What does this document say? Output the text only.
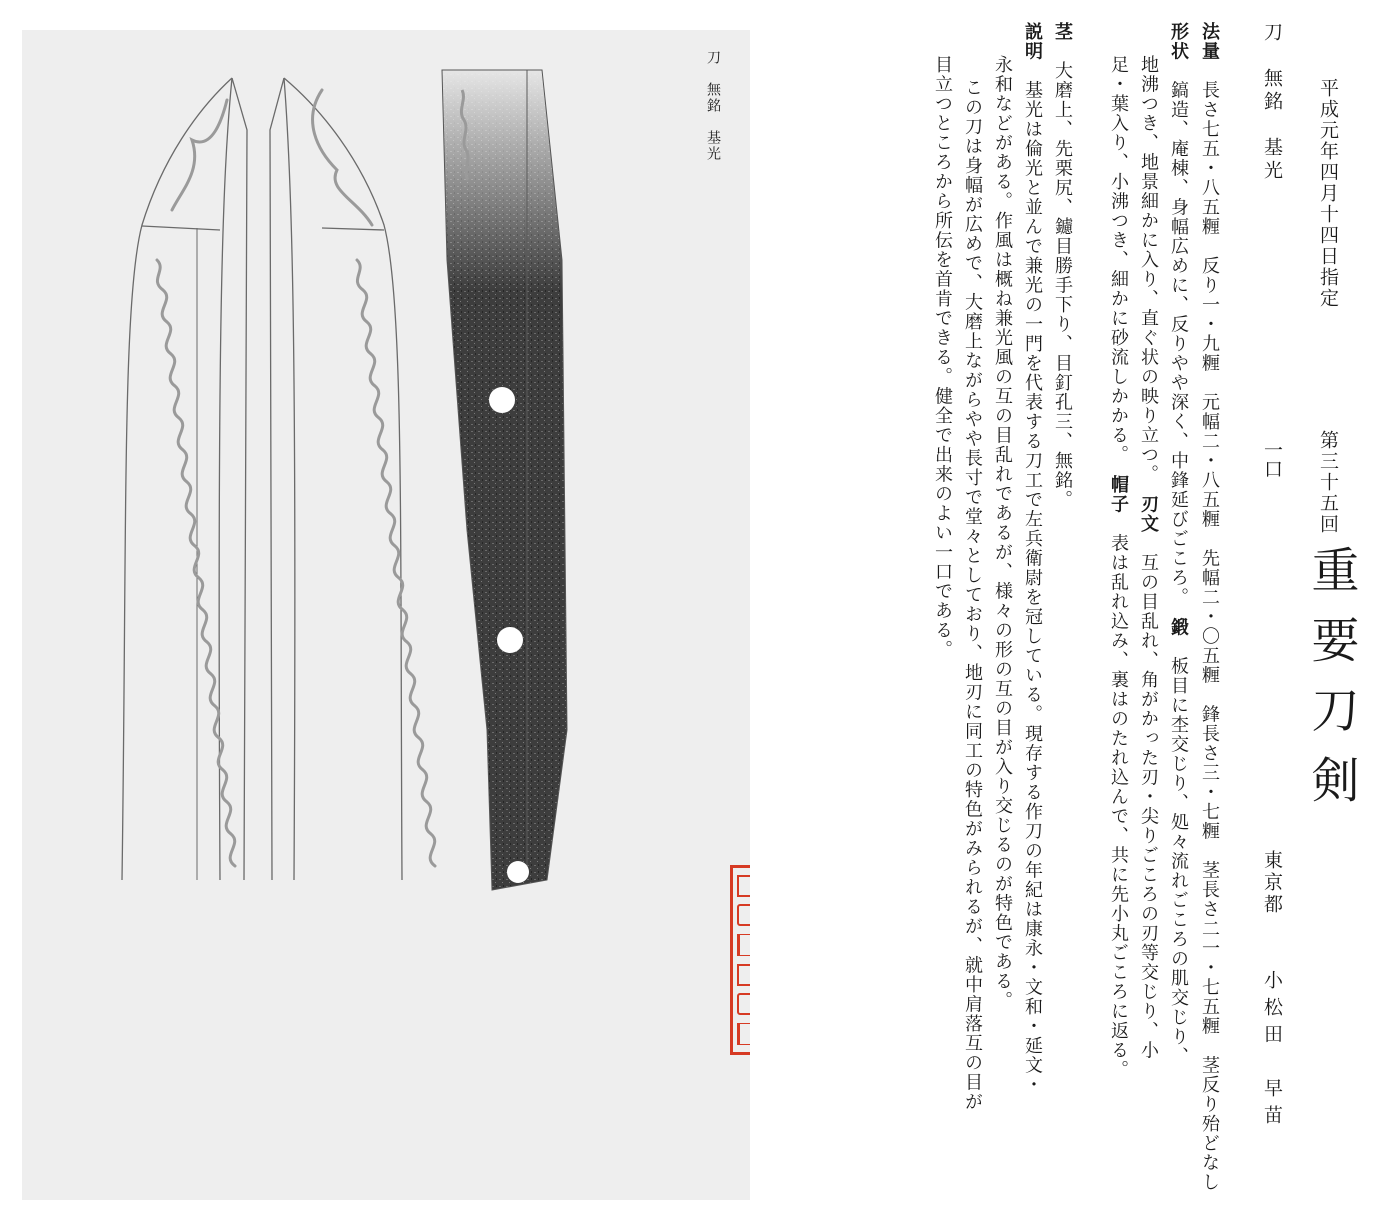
刀　無銘　基光	平成元年四月十四日指定
第三十五回
重要刀剣
刀　無銘　基光
一口
東京都
小松田　早苗
法量　長さ七五・八五糎　反り一・九糎　元幅二・八五糎　先幅二・〇五糎　鋒長さ三・七糎　茎長さ二一・七五糎　茎反り殆どなし
形状　鎬造、庵棟、身幅広めに、反りやや深く、中鋒延びごころ。　鍛　板目に杢交じり、処々流れごころの肌交じり、
地沸つき、地景細かに入り、直ぐ状の映り立つ。　刃文　互の目乱れ、角がかった刃・尖りごころの刃等交じり、小
足・葉入り、小沸つき、細かに砂流しかかる。　帽子　表は乱れ込み、裏はのたれ込んで、共に先小丸ごころに返る。
茎　大磨上、先栗尻、鑢目勝手下り、目釘孔三、無銘。
説明　基光は倫光と並んで兼光の一門を代表する刀工で左兵衛尉を冠している。現存する作刀の年紀は康永・文和・延文・
永和などがある。作風は概ね兼光風の互の目乱れであるが、様々の形の互の目が入り交じるのが特色である。
この刀は身幅が広めで、大磨上ながらやや長寸で堂々としており、地刃に同工の特色がみられるが、就中肩落互の目が
目立つところから所伝を首肯できる。健全で出来のよい一口である。
